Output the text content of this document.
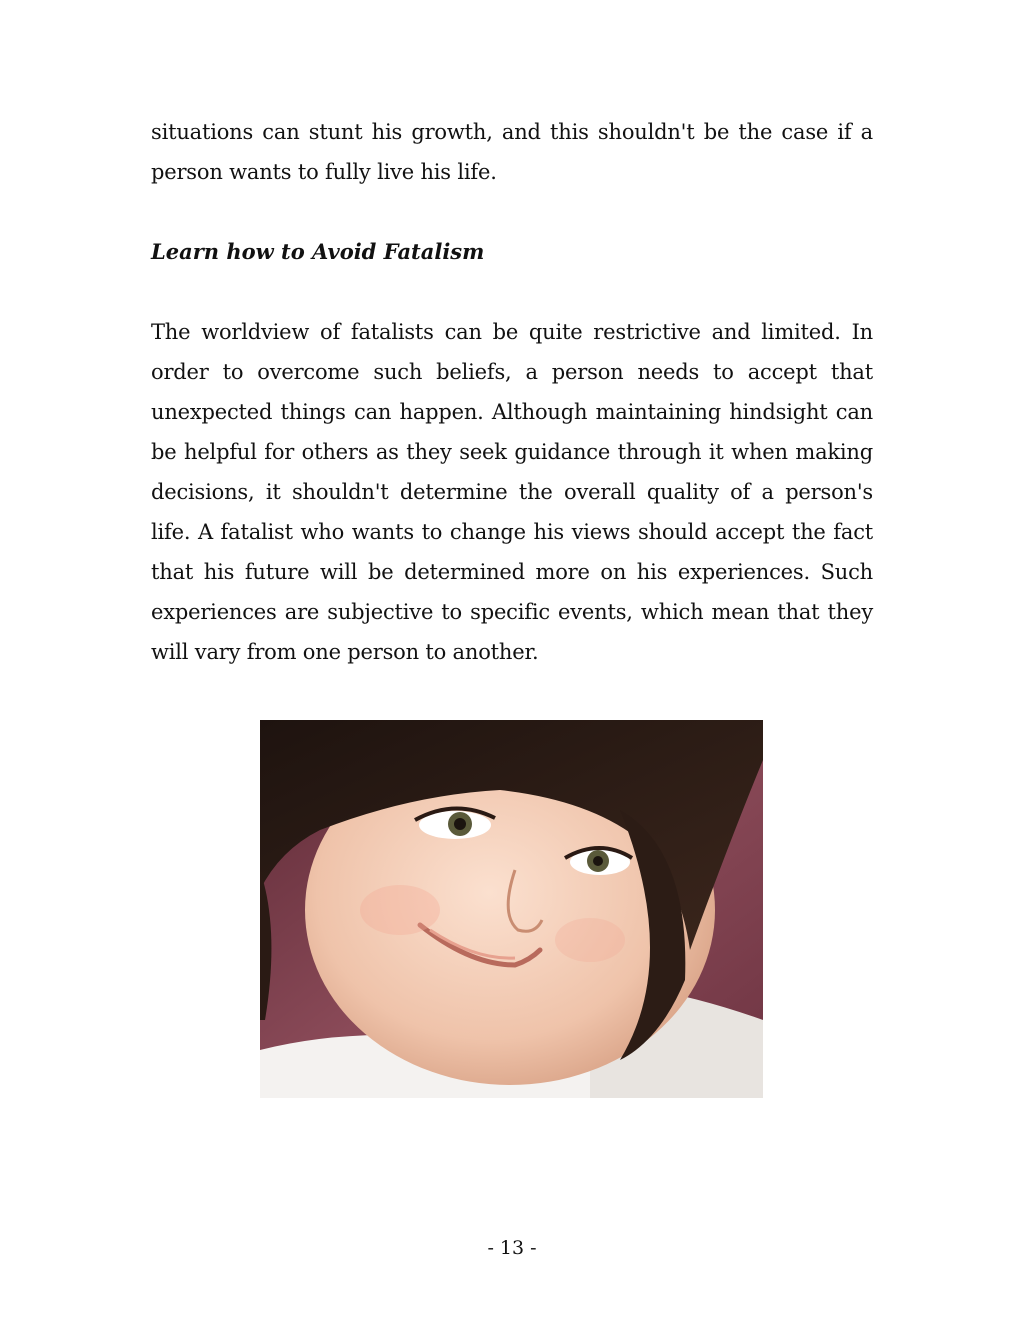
situations can stunt his growth, and this shouldn't be the case if a person wants to fully live his life.

Learn how to Avoid Fatalism

The worldview of fatalists can be quite restrictive and limited. In order to overcome such beliefs, a person needs to accept that unexpected things can happen. Although maintaining hindsight can be helpful for others as they seek guidance through it when making decisions, it shouldn't determine the overall quality of a person's life. A fatalist who wants to change his views should accept the fact that his future will be determined more on his experiences. Such experiences are subjective to specific events, which mean that they will vary from one person to another.

- 13 -
